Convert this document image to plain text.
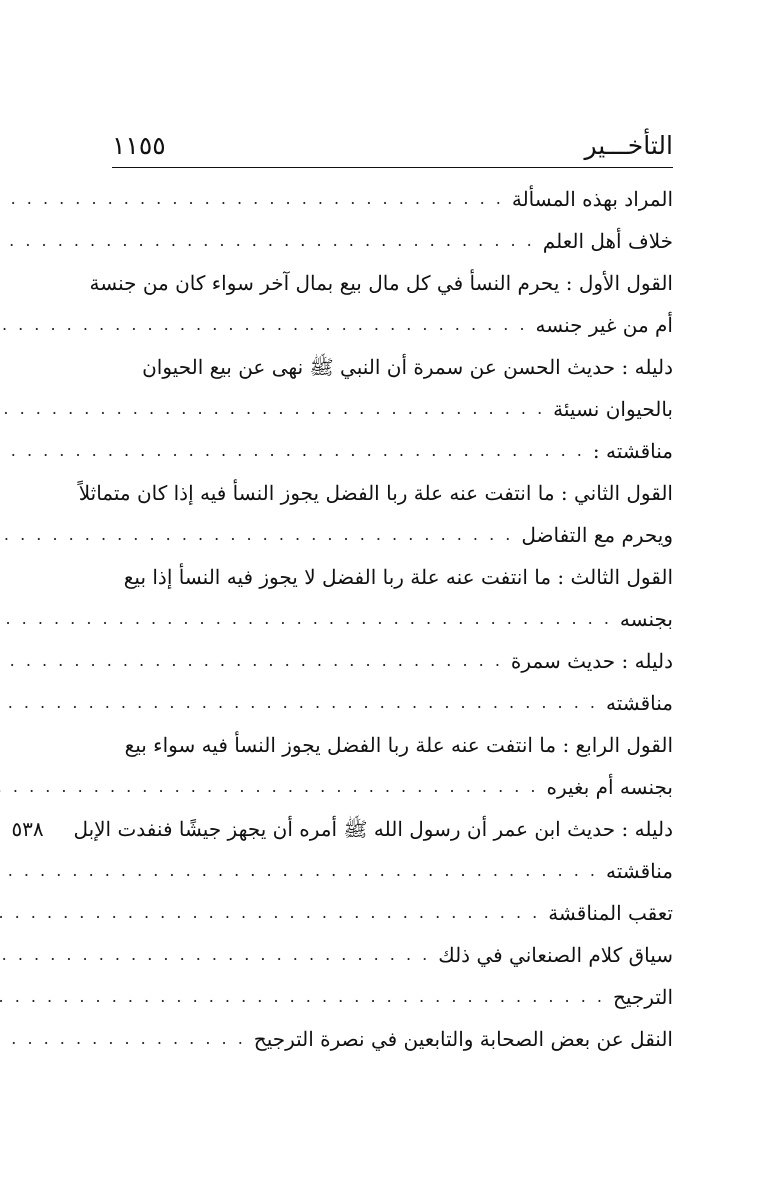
التأخـــير
١١٥٥
المراد بهذه المسألة
. . .
خلاف أهل العلم
. . .
القول الأول : يحرم النسأ في كل مال بيع بمال آخر سواء كان من جنسة
أم من غير جنسه
. . .
دليله : حديث الحسن عن سمرة أن النبي ﷺ نهى عن بيع الحيوان
بالحيوان نسيئة
. . .
مناقشته :
. . .
القول الثاني : ما انتفت عنه علة ربا الفضل يجوز النسأ فيه إذا كان متماثلاً
ويحرم مع التفاضل
. . .
القول الثالث : ما انتفت عنه علة ربا الفضل لا يجوز فيه النسأ إذا بيع
بجنسه
. . .
دليله : حديث سمرة
. . .
مناقشته
. . .
القول الرابع : ما انتفت عنه علة ربا الفضل يجوز النسأ فيه سواء بيع
بجنسه أم بغيره
. . .
دليله : حديث ابن عمر أن رسول الله ﷺ أمره أن يجهز جيشًا فنفدت الإبل
٥٣٨
مناقشته
. . .
تعقب المناقشة
. . .
سياق كلام الصنعاني في ذلك
. . .
الترجيح
. . .
النقل عن بعض الصحابة والتابعين في نصرة الترجيح
. . .
